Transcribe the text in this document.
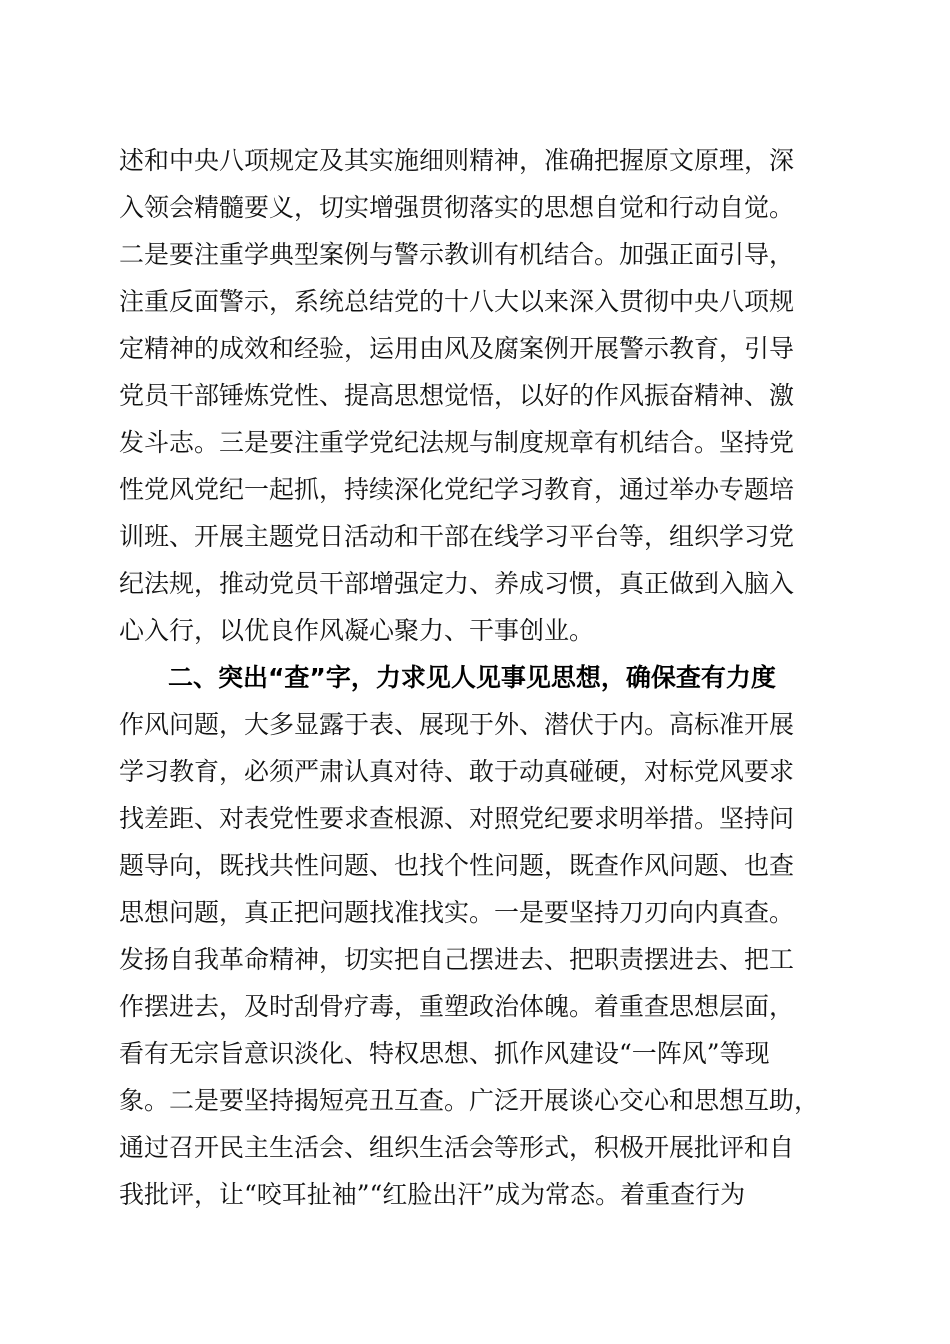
述和中央八项规定及其实施细则精神，准确把握原文原理，深
入领会精髓要义，切实增强贯彻落实的思想自觉和行动自觉。
二是要注重学典型案例与警示教训有机结合。加强正面引导，
注重反面警示，系统总结党的十八大以来深入贯彻中央八项规
定精神的成效和经验，运用由风及腐案例开展警示教育，引导
党员干部锤炼党性、提高思想觉悟，以好的作风振奋精神、激
发斗志。三是要注重学党纪法规与制度规章有机结合。坚持党
性党风党纪一起抓，持续深化党纪学习教育，通过举办专题培
训班、开展主题党日活动和干部在线学习平台等，组织学习党
纪法规，推动党员干部增强定力、养成习惯，真正做到入脑入
心入行，以优良作风凝心聚力、干事创业。
二、突出“查”字，力求见人见事见思想，确保查有力度
作风问题，大多显露于表、展现于外、潜伏于内。高标准开展
学习教育，必须严肃认真对待、敢于动真碰硬，对标党风要求
找差距、对表党性要求查根源、对照党纪要求明举措。坚持问
题导向，既找共性问题、也找个性问题，既查作风问题、也查
思想问题，真正把问题找准找实。一是要坚持刀刃向内真查。
发扬自我革命精神，切实把自己摆进去、把职责摆进去、把工
作摆进去，及时刮骨疗毒，重塑政治体魄。着重查思想层面，
看有无宗旨意识淡化、特权思想、抓作风建设“一阵风”等现
象。二是要坚持揭短亮丑互查。广泛开展谈心交心和思想互助，
通过召开民主生活会、组织生活会等形式，积极开展批评和自
我批评，让“咬耳扯袖”“红脸出汗”成为常态。着重查行为
